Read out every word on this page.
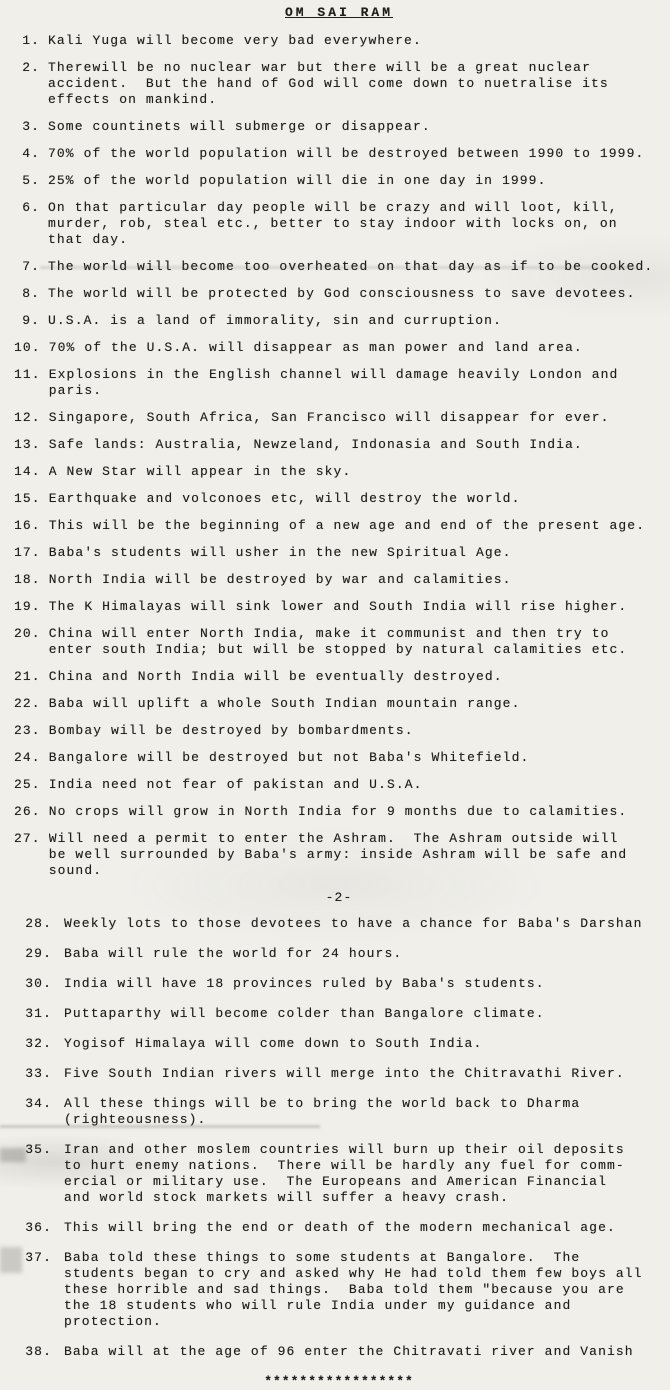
OM SAI RAM
1. Kali Yuga will become very bad everywhere.
2. Therewill be no nuclear war but there will be a great nuclear
accident.  But the hand of God will come down to nuetralise its
effects on mankind.
3. Some countinets will submerge or disappear.
4. 70% of the world population will be destroyed between 1990 to 1999.
5. 25% of the world population will die in one day in 1999.
6. On that particular day people will be crazy and will loot, kill,
murder, rob, steal etc., better to stay indoor with locks on, on
that day.
7. The world will become too overheated on that day as if to be cooked.
8. The world will be protected by God consciousness to save devotees.
9. U.S.A. is a land of immorality, sin and curruption.
10. 70% of the U.S.A. will disappear as man power and land area.
11. Explosions in the English channel will damage heavily London and
paris.
12. Singapore, South Africa, San Francisco will disappear for ever.
13. Safe lands: Australia, Newzeland, Indonasia and South India.
14. A New Star will appear in the sky.
15. Earthquake and volconoes etc, will destroy the world.
16. This will be the beginning of a new age and end of the present age.
17. Baba's students will usher in the new Spiritual Age.
18. North India will be destroyed by war and calamities.
19. The K Himalayas will sink lower and South India will rise higher.
20. China will enter North India, make it communist and then try to
enter south India; but will be stopped by natural calamities etc.
21. China and North India will be eventually destroyed.
22. Baba will uplift a whole South Indian mountain range.
23. Bombay will be destroyed by bombardments.
24. Bangalore will be destroyed but not Baba's Whitefield.
25. India need not fear of pakistan and U.S.A.
26. No crops will grow in North India for 9 months due to calamities.
27. Will need a permit to enter the Ashram.  The Ashram outside will
be well surrounded by Baba's army: inside Ashram will be safe and
sound.
-2-
28. Weekly lots to those devotees to have a chance for Baba's Darshan
29. Baba will rule the world for 24 hours.
30. India will have 18 provinces ruled by Baba's students.
31. Puttaparthy will become colder than Bangalore climate.
32. Yogisof Himalaya will come down to South India.
33. Five South Indian rivers will merge into the Chitravathi River.
34. All these things will be to bring the world back to Dharma
(righteousness).
35. Iran and other moslem countries will burn up their oil deposits
to hurt enemy nations.  There will be hardly any fuel for comm-
ercial or military use.  The Europeans and American Financial
and world stock markets will suffer a heavy crash.
36. This will bring the end or death of the modern mechanical age.
37. Baba told these things to some students at Bangalore.  The
students began to cry and asked why He had told them few boys all
these horrible and sad things.  Baba told them "because you are
the 18 students who will rule India under my guidance and
protection.
38. Baba will at the age of 96 enter the Chitravati river and Vanish
*****************
